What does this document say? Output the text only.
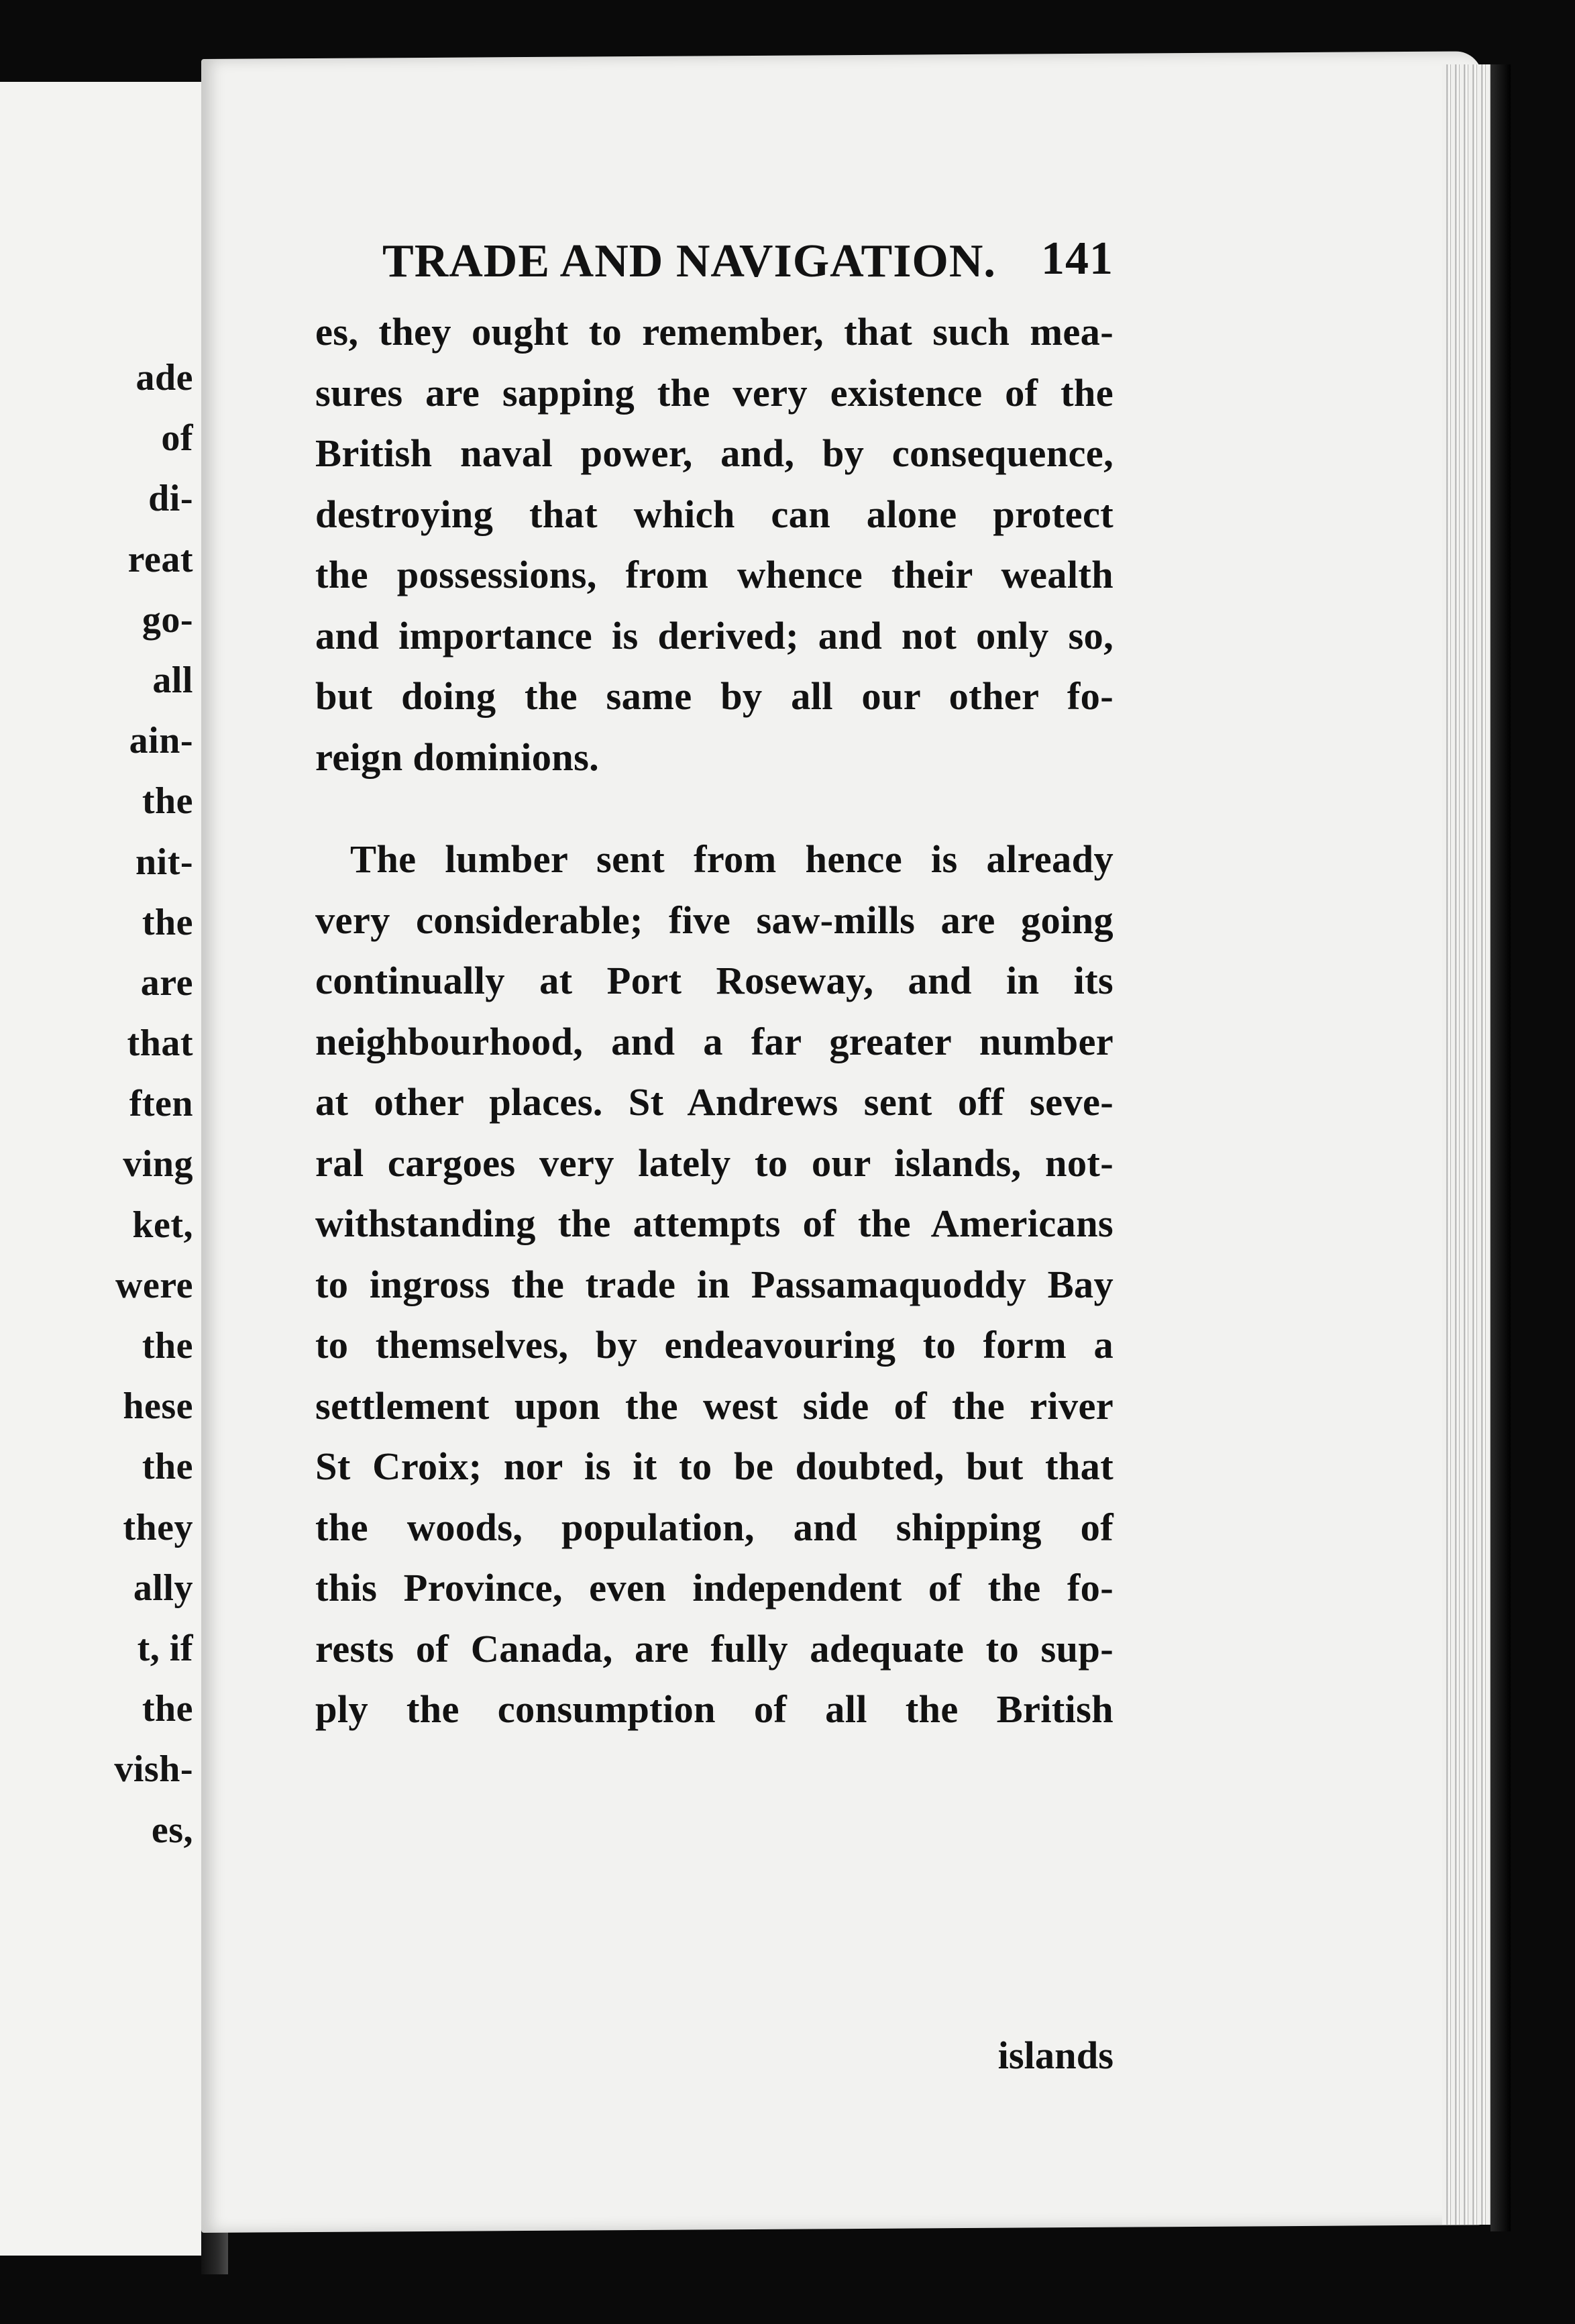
ade
of
di-
reat
go-
all
ain-
the
nit-
the
are
that
ften
ving
ket,
were
the
hese
the
they
ally
t, if
the
vish-
es,
TRADE AND NAVIGATION. 141
es, they ought to remember, that such mea-
sures are sapping the very existence of the
British naval power, and, by consequence,
destroying that which can alone protect
the possessions, from whence their wealth
and importance is derived; and not only so,
but doing the same by all our other fo-
reign dominions.
The lumber sent from hence is already
very considerable; five saw-mills are going
continually at Port Roseway, and in its
neighbourhood, and a far greater number
at other places. St Andrews sent off seve-
ral cargoes very lately to our islands, not-
withstanding the attempts of the Americans
to ingross the trade in Passamaquoddy Bay
to themselves, by endeavouring to form a
settlement upon the west side of the river
St Croix; nor is it to be doubted, but that
the woods, population, and shipping of
this Province, even independent of the fo-
rests of Canada, are fully adequate to sup-
ply the consumption of all the British
islands
